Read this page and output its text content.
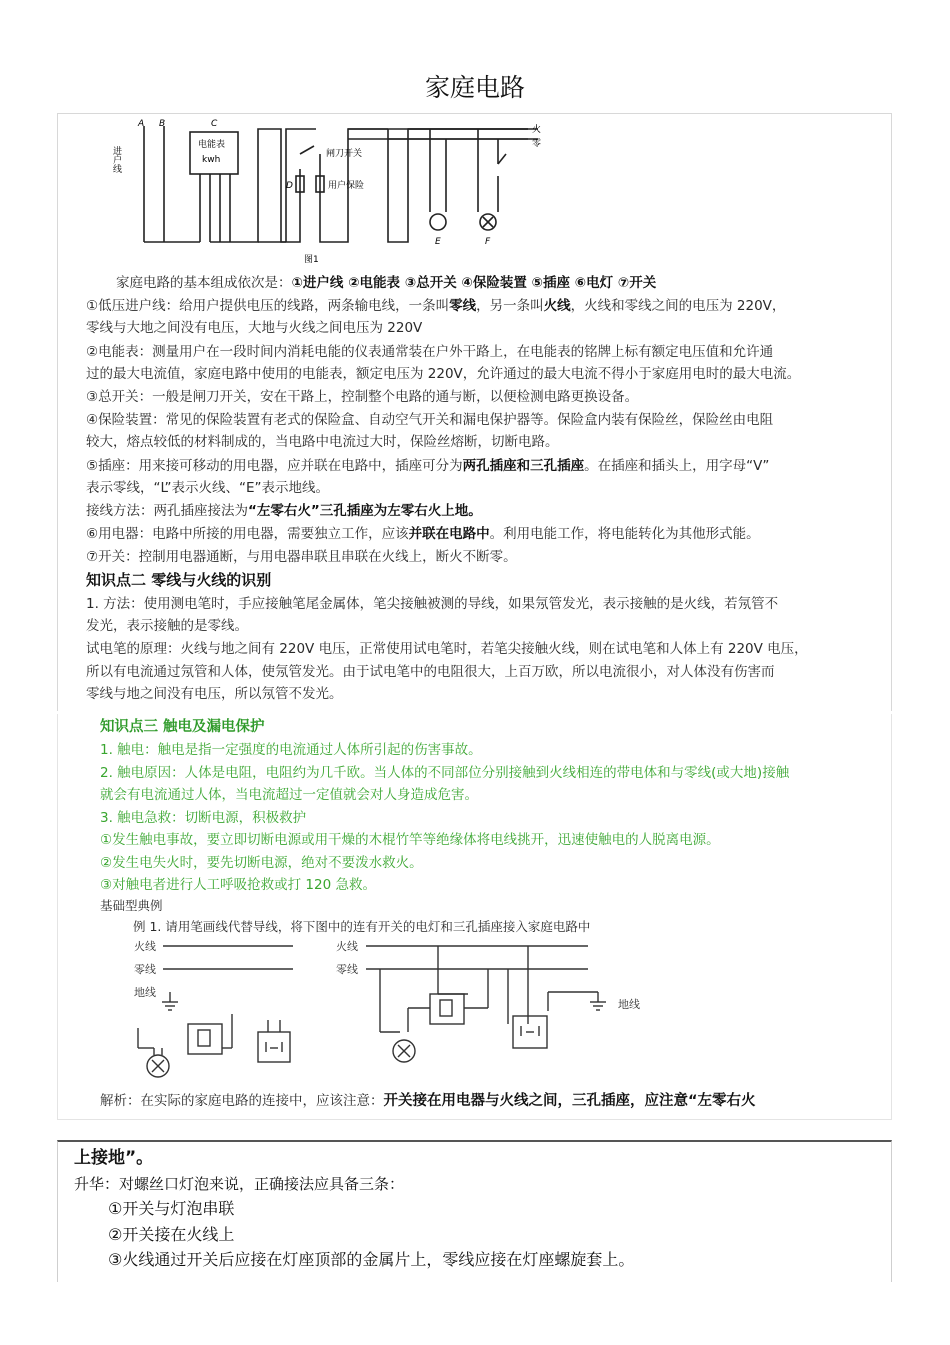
家庭电路
A B	C
D
E	F
进户线
电能表
kwh
闸刀开关
用户保险
火
零
图1
家庭电路的基本组成依次是：①进户线 ②电能表 ③总开关 ④保险装置 ⑤插座 ⑥电灯 ⑦开关
①低压进户线：给用户提供电压的线路，两条输电线，一条叫零线，另一条叫火线，火线和零线之间的电压为 220V，
零线与大地之间没有电压，大地与火线之间电压为 220V
②电能表：测量用户在一段时间内消耗电能的仪表通常装在户外干路上，在电能表的铭牌上标有额定电压值和允许通
过的最大电流值，家庭电路中使用的电能表，额定电压为 220V，允许通过的最大电流不得小于家庭用电时的最大电流。
③总开关：一般是闸刀开关，安在干路上，控制整个电路的通与断，以便检测电路更换设备。
④保险装置：常见的保险装置有老式的保险盒、自动空气开关和漏电保护器等。保险盒内装有保险丝，保险丝由电阻
较大，熔点较低的材料制成的，当电路中电流过大时，保险丝熔断，切断电路。
⑤插座：用来接可移动的用电器，应并联在电路中，插座可分为两孔插座和三孔插座。在插座和插头上，用字母“V”
表示零线，“L”表示火线、“E”表示地线。
接线方法：两孔插座接法为“左零右火”三孔插座为左零右火上地。
⑥用电器：电路中所接的用电器，需要独立工作，应该并联在电路中。利用电能工作，将电能转化为其他形式能。
⑦开关：控制用电器通断，与用电器串联且串联在火线上，断火不断零。
知识点二 零线与火线的识别
1. 方法：使用测电笔时，手应接触笔尾金属体，笔尖接触被测的导线，如果氖管发光，表示接触的是火线，若氖管不
发光，表示接触的是零线。
试电笔的原理：火线与地之间有 220V 电压，正常使用试电笔时，若笔尖接触火线，则在试电笔和人体上有 220V 电压，
所以有电流通过氖管和人体，使氖管发光。由于试电笔中的电阻很大，上百万欧，所以电流很小，对人体没有伤害而
零线与地之间没有电压，所以氖管不发光。
知识点三 触电及漏电保护
1. 触电：触电是指一定强度的电流通过人体所引起的伤害事故。
2. 触电原因：人体是电阻，电阻约为几千欧。当人体的不同部位分别接触到火线相连的带电体和与零线(或大地)接触
就会有电流通过人体，当电流超过一定值就会对人身造成危害。
3. 触电急救：切断电源，积极救护
①发生触电事故，要立即切断电源或用干燥的木棍竹竿等绝缘体将电线挑开，迅速使触电的人脱离电源。
②发生电失火时，要先切断电源，绝对不要泼水救火。
③对触电者进行人工呼吸抢救或打 120 急救。
基础型典例
例 1. 请用笔画线代替导线，将下图中的连有开关的电灯和三孔插座接入家庭电路中
火线
零线
地线
火线
零线
地线
解析：在实际的家庭电路的连接中，应该注意：开关接在用电器与火线之间，三孔插座，应注意“左零右火
上接地”。
升华：对螺丝口灯泡来说，正确接法应具备三条：
①开关与灯泡串联
②开关接在火线上
③火线通过开关后应接在灯座顶部的金属片上，零线应接在灯座螺旋套上。
